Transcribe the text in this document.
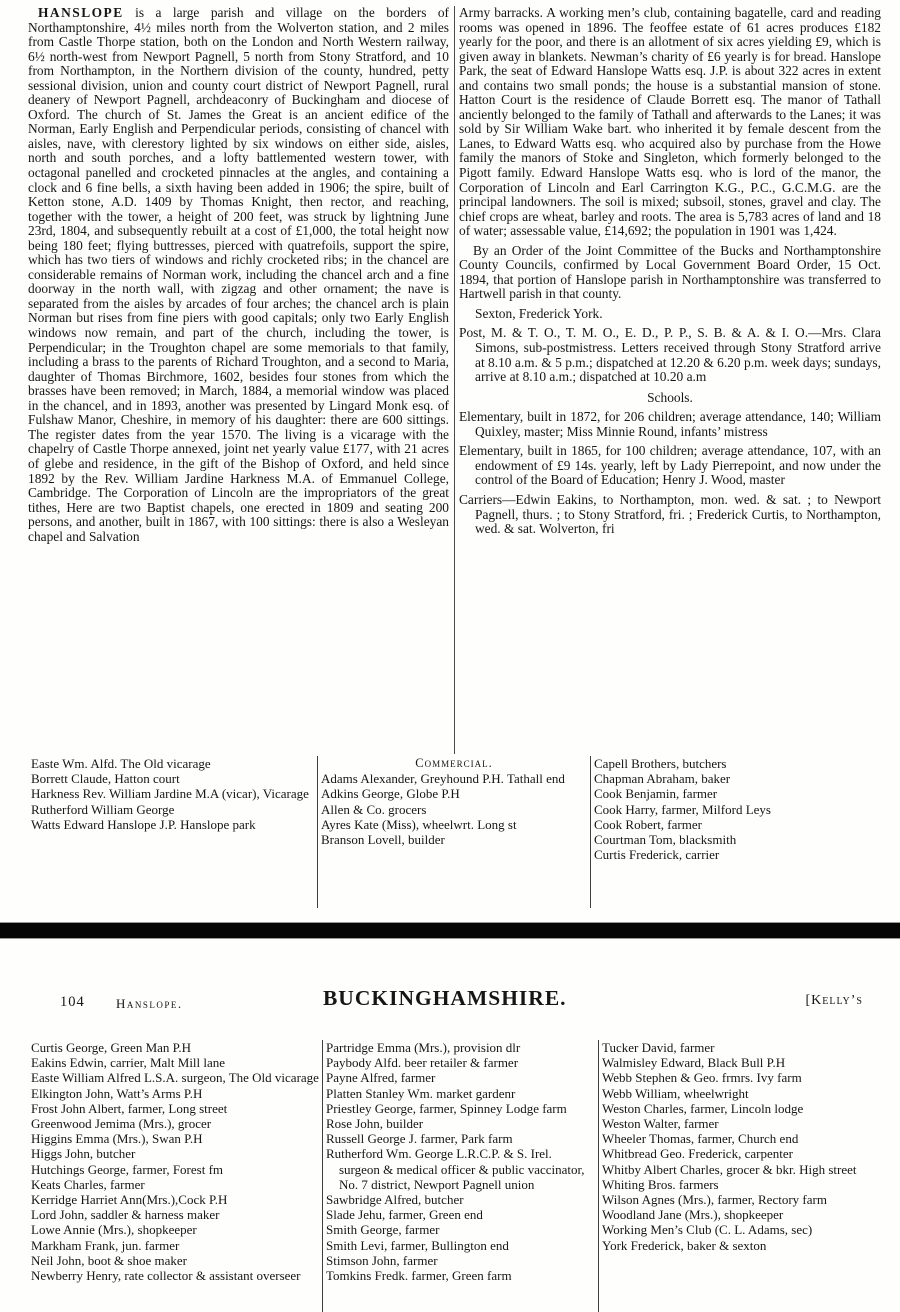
HANSLOPE is a large parish and village on the borders of Northamptonshire, 4½ miles north from the Wolverton station, and 2 miles from Castle Thorpe station, both on the London and North Western railway, 6½ north-west from Newport Pagnell, 5 north from Stony Stratford, and 10 from Northampton, in the Northern division of the county, hundred, petty sessional division, union and county court district of Newport Pagnell, rural deanery of Newport Pagnell, archdeaconry of Buckingham and diocese of Oxford. The church of St. James the Great is an ancient edifice of the Norman, Early English and Perpendicular periods, consisting of chancel with aisles, nave, with clerestory lighted by six windows on either side, aisles, north and south porches, and a lofty battlemented western tower, with octagonal panelled and crocketed pinnacles at the angles, and containing a clock and 6 fine bells, a sixth having been added in 1906; the spire, built of Ketton stone, A.D. 1409 by Thomas Knight, then rector, and reaching, together with the tower, a height of 200 feet, was struck by lightning June 23rd, 1804, and subsequently rebuilt at a cost of £1,000, the total height now being 180 feet; flying buttresses, pierced with quatrefoils, support the spire, which has two tiers of windows and richly crocketed ribs; in the chancel are considerable remains of Norman work, including the chancel arch and a fine doorway in the north wall, with zigzag and other ornament; the nave is separated from the aisles by arcades of four arches; the chancel arch is plain Norman but rises from fine piers with good capitals; only two Early English windows now remain, and part of the church, including the tower, is Perpendicular; in the Troughton chapel are some memorials to that family, including a brass to the parents of Richard Troughton, and a second to Maria, daughter of Thomas Birchmore, 1602, besides four stones from which the brasses have been removed; in March, 1884, a memorial window was placed in the chancel, and in 1893, another was presented by Lingard Monk esq. of Fulshaw Manor, Cheshire, in memory of his daughter: there are 600 sittings. The register dates from the year 1570. The living is a vicarage with the chapelry of Castle Thorpe annexed, joint net yearly value £177, with 21 acres of glebe and residence, in the gift of the Bishop of Oxford, and held since 1892 by the Rev. William Jardine Harkness M.A. of Emmanuel College, Cambridge. The Corporation of Lincoln are the impropriators of the great tithes, Here are two Baptist chapels, one erected in 1809 and seating 200 persons, and another, built in 1867, with 100 sittings: there is also a Wesleyan chapel and Salvation

Army barracks. A working men’s club, containing bagatelle, card and reading rooms was opened in 1896. The feoffee estate of 61 acres produces £182 yearly for the poor, and there is an allotment of six acres yielding £9, which is given away in blankets. Newman’s charity of £6 yearly is for bread. Hanslope Park, the seat of Edward Hanslope Watts esq. J.P. is about 322 acres in extent and contains two small ponds; the house is a substantial mansion of stone. Hatton Court is the residence of Claude Borrett esq. The manor of Tathall anciently belonged to the family of Tathall and afterwards to the Lanes; it was sold by Sir William Wake bart. who inherited it by female descent from the Lanes, to Edward Watts esq. who acquired also by purchase from the Howe family the manors of Stoke and Singleton, which formerly belonged to the Pigott family. Edward Hanslope Watts esq. who is lord of the manor, the Corporation of Lincoln and Earl Carrington K.G., P.C., G.C.M.G. are the principal landowners. The soil is mixed; subsoil, stones, gravel and clay. The chief crops are wheat, barley and roots. The area is 5,783 acres of land and 18 of water; assessable value, £14,692; the population in 1901 was 1,424.

By an Order of the Joint Committee of the Bucks and Northamptonshire County Councils, confirmed by Local Government Board Order, 15 Oct. 1894, that portion of Hanslope parish in Northamptonshire was transferred to Hartwell parish in that county.

Sexton, Frederick York.

Post, M. & T. O., T. M. O., E. D., P. P., S. B. & A. & I. O.—Mrs. Clara Simons, sub-postmistress. Letters received through Stony Stratford arrive at 8.10 a.m. & 5 p.m.; dispatched at 12.20 & 6.20 p.m. week days; sundays, arrive at 8.10 a.m.; dispatched at 10.20 a.m

Schools.

Elementary, built in 1872, for 206 children; average attendance, 140; William Quixley, master; Miss Minnie Round, infants’ mistress
Elementary, built in 1865, for 100 children; average attendance, 107, with an endowment of £9 14s. yearly, left by Lady Pierrepoint, and now under the control of the Board of Education; Henry J. Wood, master

Carriers—Edwin Eakins, to Northampton, mon. wed. & sat. ; to Newport Pagnell, thurs. ; to Stony Stratford, fri. ; Frederick Curtis, to Northampton, wed. & sat. Wolverton, fri

Easte Wm. Alfd. The Old vicarage
Borrett Claude, Hatton court
Harkness Rev. William Jardine M.A (vicar), Vicarage
Rutherford William George
Watts Edward Hanslope J.P. Hanslope park
Commercial.
Adams Alexander, Greyhound P.H. Tathall end
Adkins George, Globe P.H
Allen & Co. grocers
Ayres Kate (Miss), wheelwrt. Long st
Branson Lovell, builder
Capell Brothers, butchers
Chapman Abraham, baker
Cook Benjamin, farmer
Cook Harry, farmer, Milford Leys
Cook Robert, farmer
Courtman Tom, blacksmith
Curtis Frederick, carrier
104 Hanslope.	BUCKINGHAMSHIRE.	[Kelly’s
Curtis George, Green Man P.H
Eakins Edwin, carrier, Malt Mill lane
Easte William Alfred L.S.A. surgeon, The Old vicarage
Elkington John, Watt’s Arms P.H
Frost John Albert, farmer, Long street
Greenwood Jemima (Mrs.), grocer
Higgins Emma (Mrs.), Swan P.H
Higgs John, butcher
Hutchings George, farmer, Forest fm
Keats Charles, farmer
Kerridge Harriet Ann(Mrs.),Cock P.H
Lord John, saddler & harness maker
Lowe Annie (Mrs.), shopkeeper
Markham Frank, jun. farmer
Neil John, boot & shoe maker
Newberry Henry, rate collector & assistant overseer
Partridge Emma (Mrs.), provision dlr
Paybody Alfd. beer retailer & farmer
Payne Alfred, farmer
Platten Stanley Wm. market gardenr
Priestley George, farmer, Spinney Lodge farm
Rose John, builder
Russell George J. farmer, Park farm
Rutherford Wm. George L.R.C.P. & S. Irel. surgeon & medical officer & public vaccinator, No. 7 district, Newport Pagnell union
Sawbridge Alfred, butcher
Slade Jehu, farmer, Green end
Smith George, farmer
Smith Levi, farmer, Bullington end
Stimson John, farmer
Tomkins Fredk. farmer, Green farm
Tucker David, farmer
Walmisley Edward, Black Bull P.H
Webb Stephen & Geo. frmrs. Ivy farm
Webb William, wheelwright
Weston Charles, farmer, Lincoln lodge
Weston Walter, farmer
Wheeler Thomas, farmer, Church end
Whitbread Geo. Frederick, carpenter
Whitby Albert Charles, grocer & bkr. High street
Whiting Bros. farmers
Wilson Agnes (Mrs.), farmer, Rectory farm
Woodland Jane (Mrs.), shopkeeper
Working Men’s Club (C. L. Adams, sec)
York Frederick, baker & sexton
